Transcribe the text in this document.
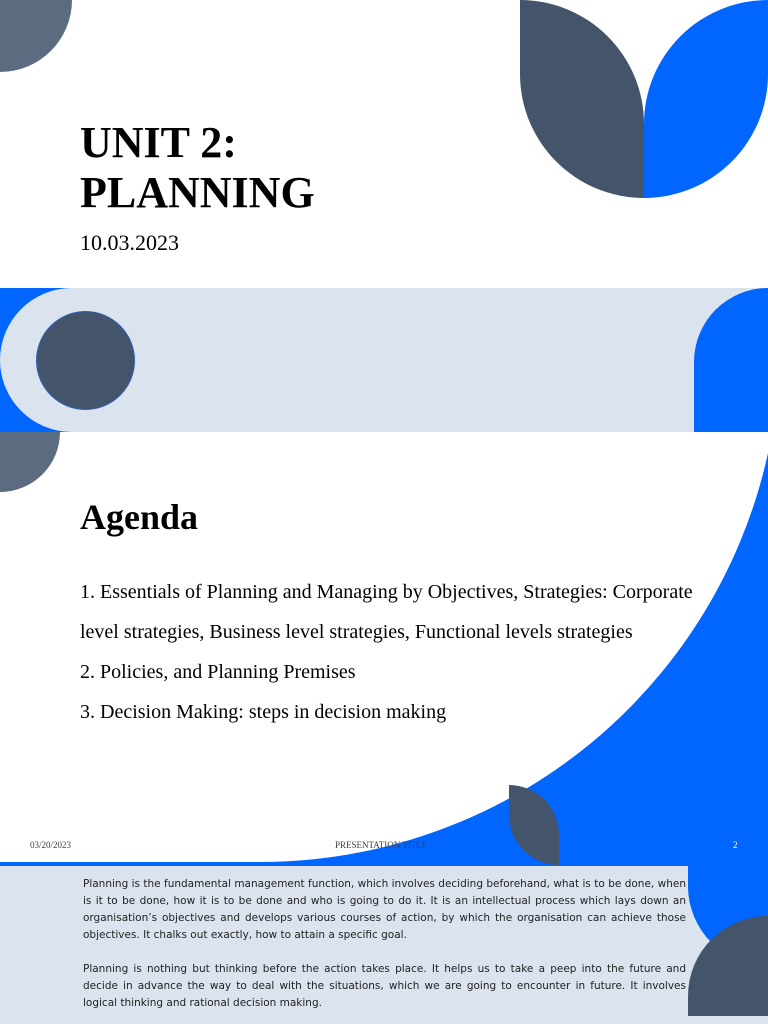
UNIT 2:
PLANNING
10.03.2023
Agenda
1. Essentials of Planning and Managing by Objectives, Strategies: Corporate level strategies, Business level strategies, Functional levels strategies
2. Policies, and Planning Premises
3. Decision Making: steps in decision making
03/20/2023	PRESENTATION TITLE	2

Planning is the fundamental management function, which involves deciding beforehand, what is to be done, when is it to be done, how it is to be done and who is going to do it. It is an intellectual process which lays down an organisation’s objectives and develops various courses of action, by which the organisation can achieve those objectives. It chalks out exactly, how to attain a specific goal.

Planning is nothing but thinking before the action takes place. It helps us to take a peep into the future and decide in advance the way to deal with the situations, which we are going to encounter in future. It involves logical thinking and rational decision making.
